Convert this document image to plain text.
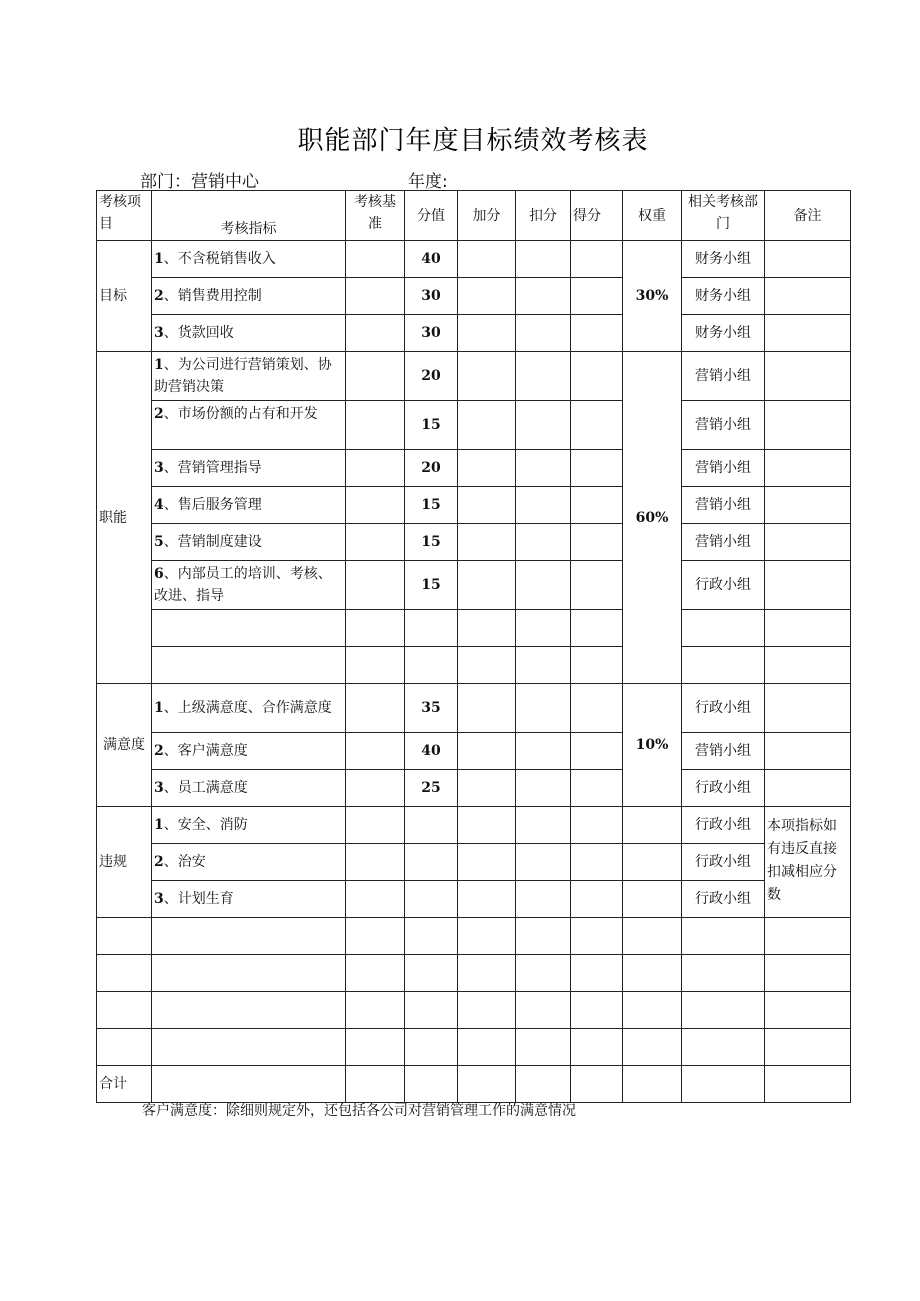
职能部门年度目标绩效考核表
部门：营销中心	年度:
考核项目	考核指标	考核基准	分值	加分	扣分	得分	权重	相关考核部门	备注
目标	1、不含税销售收入		40				30%	财务小组	
	2、销售费用控制		30					财务小组	
	3、货款回收		30					财务小组	
职能	1、为公司进行营销策划、协助营销决策		20				60%	营销小组	
	2、市场份额的占有和开发		15					营销小组	
	3、营销管理指导		20					营销小组	
	4、售后服务管理		15					营销小组	
	5、营销制度建设		15					营销小组	
	6、内部员工的培训、考核、改进、指导		15					行政小组	

满意度	1、上级满意度、合作满意度		35				10%	行政小组	
	2、客户满意度		40					营销小组	
	3、员工满意度		25					行政小组	
违规	1、安全、消防							行政小组	本项指标如有违反直接扣减相应分数
	2、治安							行政小组	
	3、计划生育							行政小组	

合计									
客户满意度：除细则规定外，还包括各公司对营销管理工作的满意情况
